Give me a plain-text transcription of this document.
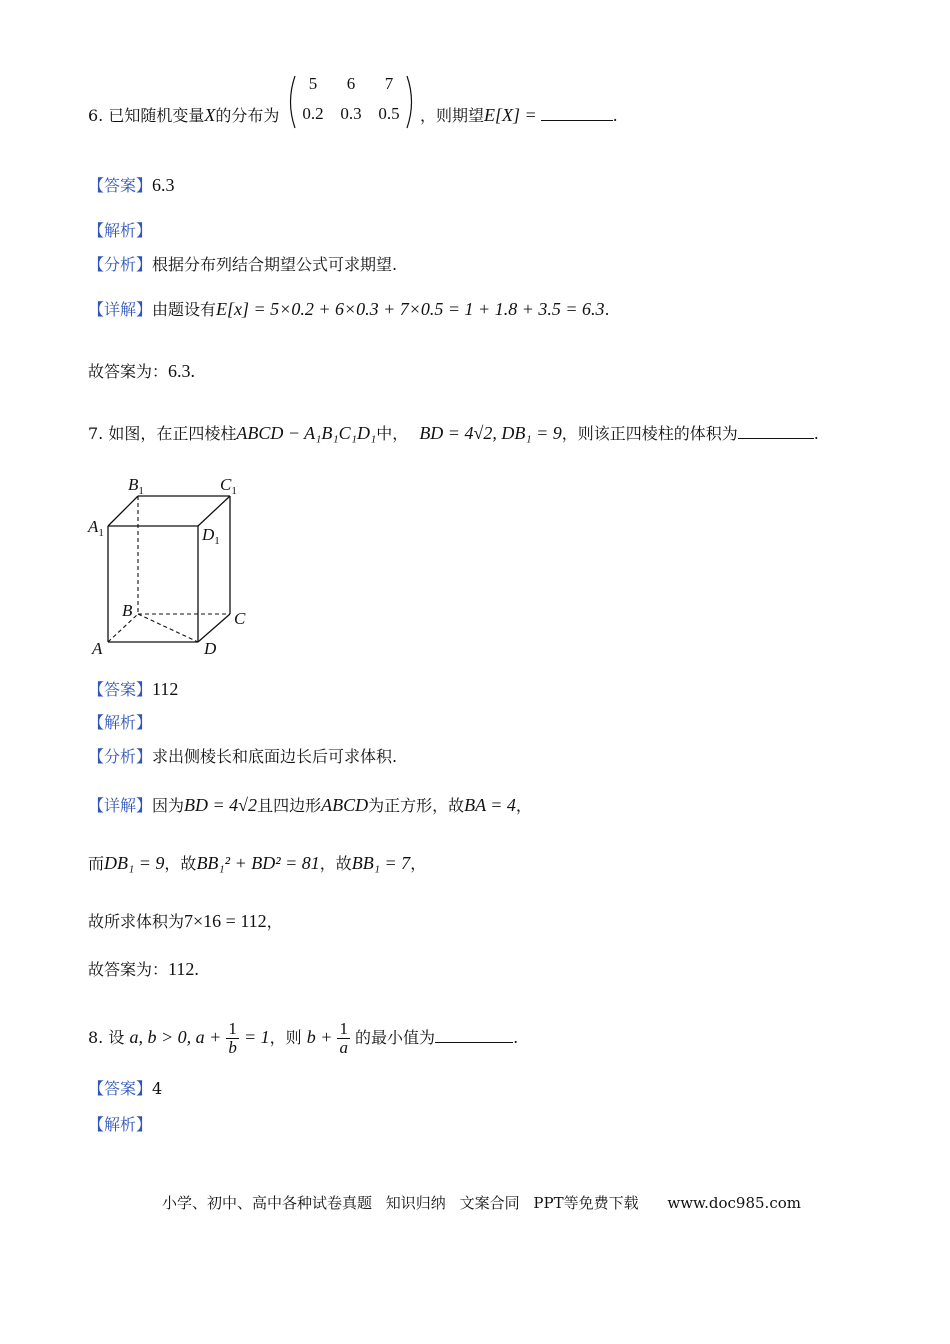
6. 已知随机变量X的分布为
5	6	7
0.2 0.3 0.5	，则期望E[X] =	.
【答案】6.3
【解析】
【分析】根据分布列结合期望公式可求期望.
【详解】由题设有E[x] = 5×0.2 + 6×0.3 + 7×0.5 = 1 + 1.8 + 3.5 = 6.3.
故答案为：6.3.
7. 如图，在正四棱柱ABCD − A₁B₁C₁D₁中， BD = 4√2, DB₁ = 9，则该正四棱柱的体积为	.
$A_1$
$B_1$	$C_1$
$D_1$
B	C
A	D
【答案】112
【解析】
【分析】求出侧棱长和底面边长后可求体积.
【详解】因为BD = 4√2且四边形ABCD为正方形，故BA = 4，
而DB₁ = 9，故BB₁² + BD² = 81，故BB₁ = 7，
故所求体积为7×16 = 112，
故答案为：112.
8. 设 a, b > 0, $a + \frac{1}{b} = 1$，则 $b + \frac{1}{a}$ 的最小值为	.
【答案】4
【解析】
小学、初中、高中各种试卷真题 知识归纳 文案合同 PPT等免费下载 www.doc985.com
